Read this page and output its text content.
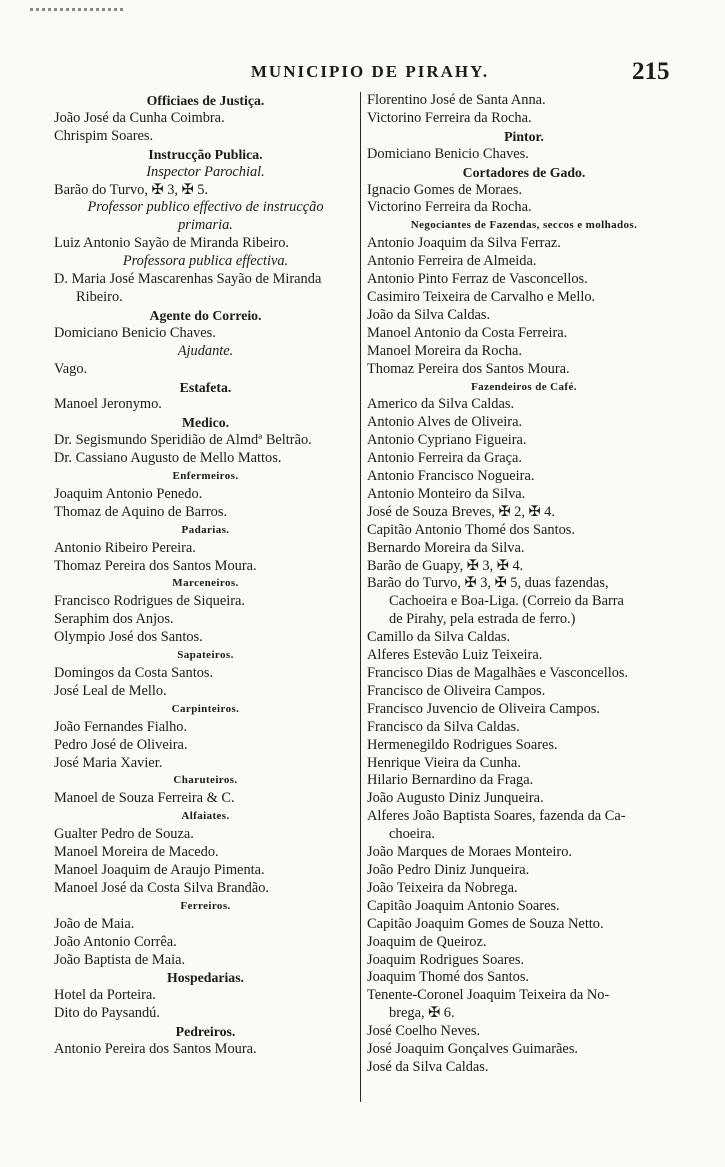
MUNICIPIO DE PIRAHY.	215
Officiaes de Justiça.
João José da Cunha Coimbra.
Chrispim Soares.
Instrucção Publica.
Inspector Parochial.
Barão do Turvo, ✠ 3, ✠ 5.
Professor publico effectivo de instrucção
primaria.
Luiz Antonio Sayão de Miranda Ribeiro.
Professora publica effectiva.
D. Maria José Mascarenhas Sayão de Miranda
Ribeiro.
Agente do Correio.
Domiciano Benicio Chaves.
Ajudante.
Vago.
Estafeta.
Manoel Jeronymo.
Medico.
Dr. Segismundo Speridião de Almdª Beltrão.
Dr. Cassiano Augusto de Mello Mattos.
Enfermeiros.
Joaquim Antonio Penedo.
Thomaz de Aquino de Barros.
Padarias.
Antonio Ribeiro Pereira.
Thomaz Pereira dos Santos Moura.
Marceneiros.
Francisco Rodrigues de Siqueira.
Seraphim dos Anjos.
Olympio José dos Santos.
Sapateiros.
Domingos da Costa Santos.
José Leal de Mello.
Carpinteiros.
João Fernandes Fialho.
Pedro José de Oliveira.
José Maria Xavier.
Charuteiros.
Manoel de Souza Ferreira & C.
Alfaiates.
Gualter Pedro de Souza.
Manoel Moreira de Macedo.
Manoel Joaquim de Araujo Pimenta.
Manoel José da Costa Silva Brandão.
Ferreiros.
João de Maia.
João Antonio Corrêa.
João Baptista de Maia.
Hospedarias.
Hotel da Porteira.
Dito do Paysandú.
Pedreiros.
Antonio Pereira dos Santos Moura.
Florentino José de Santa Anna.
Victorino Ferreira da Rocha.
Pintor.
Domiciano Benicio Chaves.
Cortadores de Gado.
Ignacio Gomes de Moraes.
Victorino Ferreira da Rocha.
Negociantes de Fazendas, seccos e molhados.
Antonio Joaquim da Silva Ferraz.
Antonio Ferreira de Almeida.
Antonio Pinto Ferraz de Vasconcellos.
Casimiro Teixeira de Carvalho e Mello.
João da Silva Caldas.
Manoel Antonio da Costa Ferreira.
Manoel Moreira da Rocha.
Thomaz Pereira dos Santos Moura.
Fazendeiros de Café.
Americo da Silva Caldas.
Antonio Alves de Oliveira.
Antonio Cypriano Figueira.
Antonio Ferreira da Graça.
Antonio Francisco Nogueira.
Antonio Monteiro da Silva.
José de Souza Breves, ✠ 2, ✠ 4.
Capitão Antonio Thomé dos Santos.
Bernardo Moreira da Silva.
Barão de Guapy, ✠ 3, ✠ 4.
Barão do Turvo, ✠ 3, ✠ 5, duas fazendas,
Cachoeira e Boa-Liga. (Correio da Barra
de Pirahy, pela estrada de ferro.)
Camillo da Silva Caldas.
Alferes Estevão Luiz Teixeira.
Francisco Dias de Magalhães e Vasconcellos.
Francisco de Oliveira Campos.
Francisco Juvencio de Oliveira Campos.
Francisco da Silva Caldas.
Hermenegildo Rodrigues Soares.
Henrique Vieira da Cunha.
Hilario Bernardino da Fraga.
João Augusto Diniz Junqueira.
Alferes João Baptista Soares, fazenda da Ca-
choeira.
João Marques de Moraes Monteiro.
João Pedro Diniz Junqueira.
João Teixeira da Nobrega.
Capitão Joaquim Antonio Soares.
Capitão Joaquim Gomes de Souza Netto.
Joaquim de Queiroz.
Joaquim Rodrigues Soares.
Joaquim Thomé dos Santos.
Tenente-Coronel Joaquim Teixeira da No-
brega, ✠ 6.
José Coelho Neves.
José Joaquim Gonçalves Guimarães.
José da Silva Caldas.
